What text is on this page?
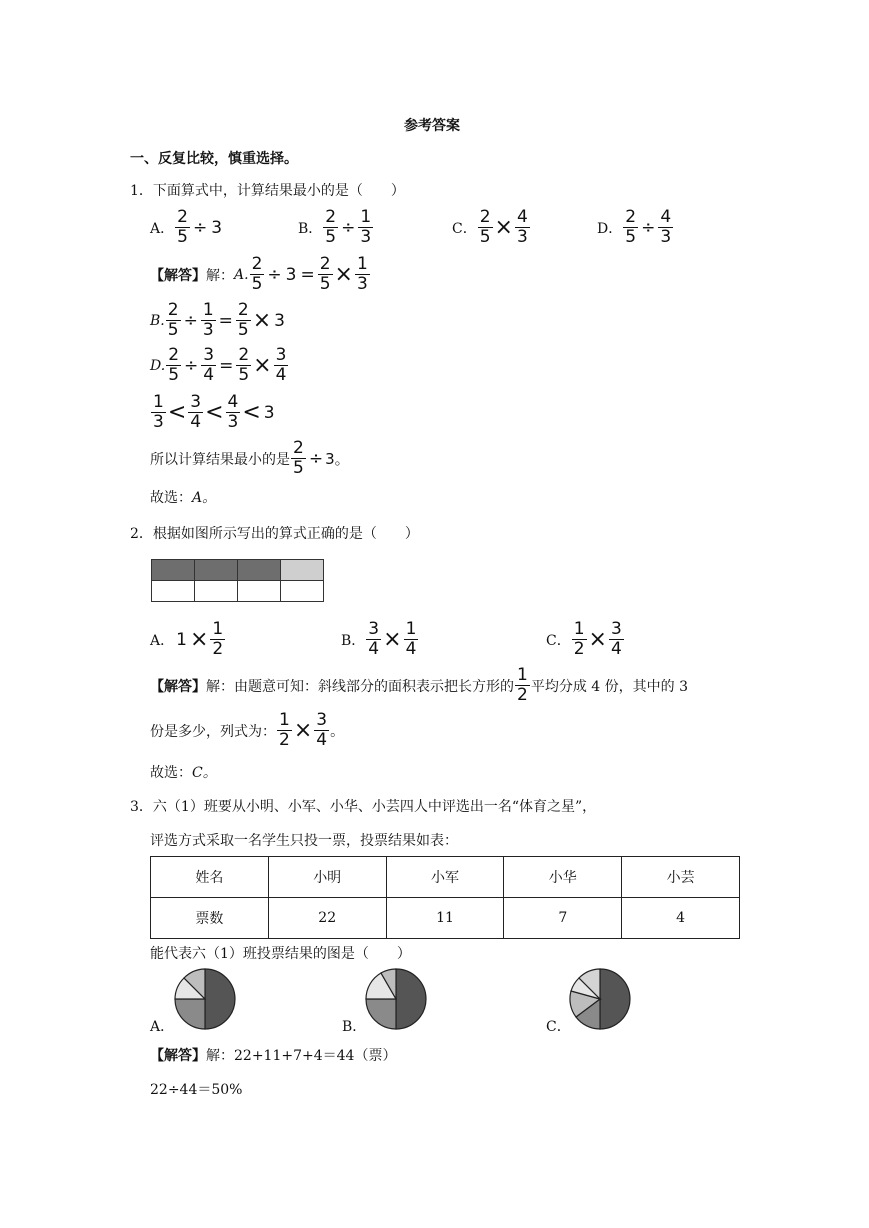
参考答案
一、反复比较，慎重选择。
1．下面算式中，计算结果最小的是（　　）
A． $\frac{2}{5} \div 3$	B． $\frac{2}{5} \div \frac{1}{3}$	C． $\frac{2}{5} \times \frac{4}{3}$	D． $\frac{2}{5} \div \frac{4}{3}$
【解答】 解： A. $\frac{2}{5} \div 3 = \frac{2}{5} \times \frac{1}{3}$
B. $\frac{2}{5} \div \frac{1}{3} = \frac{2}{5} \times 3$
D. $\frac{2}{5} \div \frac{3}{4} = \frac{2}{5} \times \frac{3}{4}$
$\frac{1}{3} < \frac{3}{4} < \frac{4}{3} < 3$
所以计算结果最小的是 $\frac{2}{5} \div 3$。
故选：A。
2．根据如图所示写出的算式正确的是（　　）

A． $1 \times \frac{1}{2}$	B． $\frac{3}{4} \times \frac{1}{4}$	C． $\frac{1}{2} \times \frac{3}{4}$
【解答】 解：由题意可知：斜线部分的面积表示把长方形的 $\frac{1}{2}$ 平均分成 4 份，其中的 3
份是多少，列式为： $\frac{1}{2} \times \frac{3}{4}$ 。
故选：C。
3．六（1）班要从小明、小军、小华、小芸四人中评选出一名“体育之星”，
评选方式采取一名学生只投一票，投票结果如表：
姓名	小明	小军	小华	小芸
票数	22	11	7	4
能代表六（1）班投票结果的图是（　　）
A．	B．	C．
【解答】解：22+11+7+4＝44（票）
22÷44＝50%
